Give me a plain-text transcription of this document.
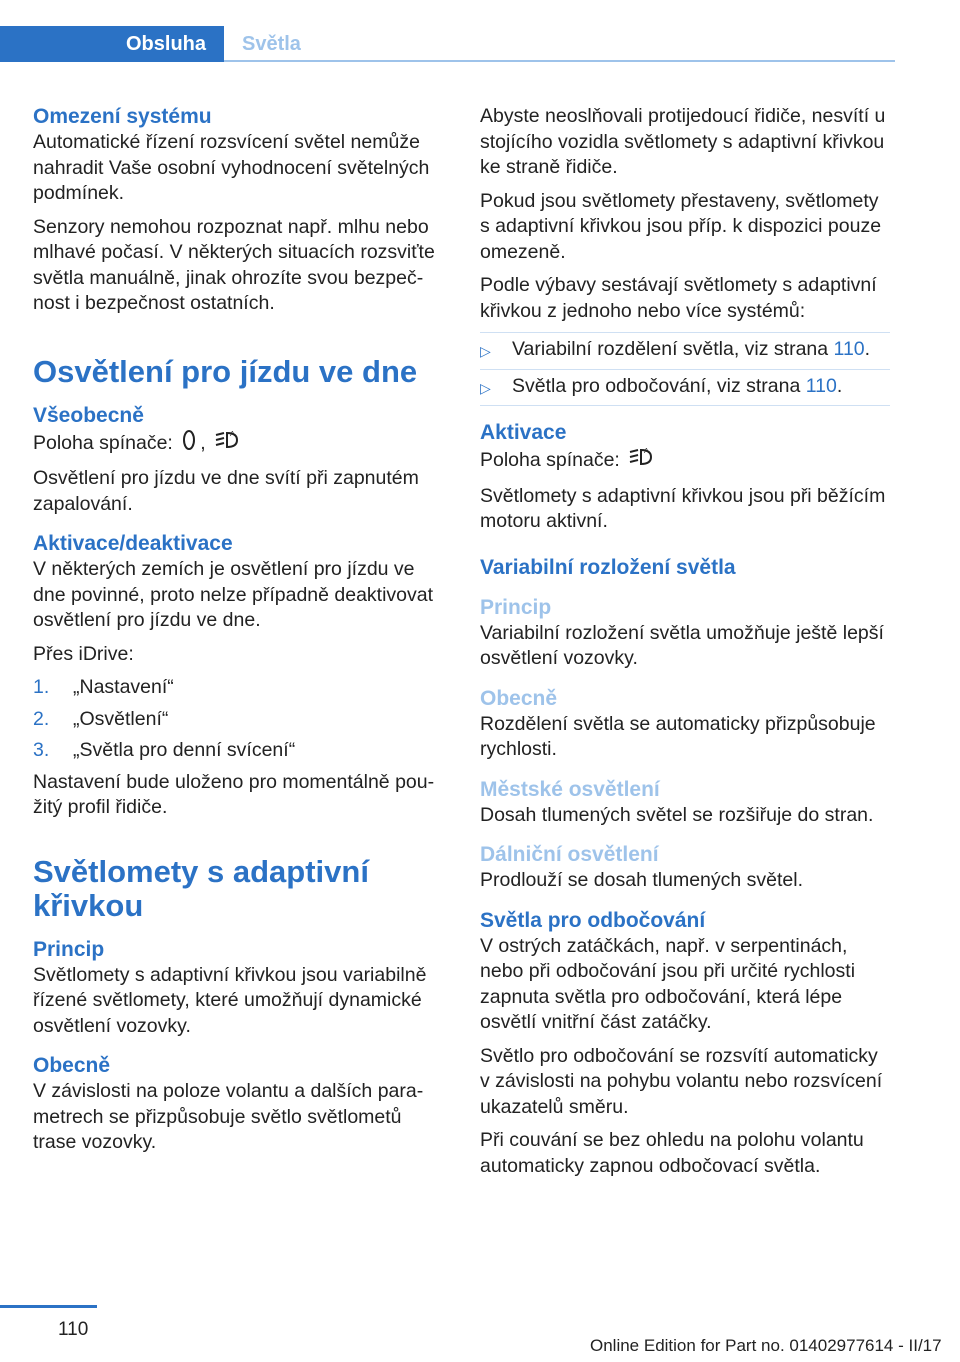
Obsluha	Světla
Omezení systému

Automatické řízení rozsvícení světel nemůže nahradit Vaše osobní vyhodnocení světelných podmínek.

Senzory nemohou rozpoznat např. mlhu nebo mlhavé počasí. V některých situacích rozsviťte světla manuálně, jinak ohrozíte svou bezpeč-nost i bezpečnost ostatních.

Osvětlení pro jízdu ve dne
Všeobecně

Poloha spínače: ,	A

Osvětlení pro jízdu ve dne svítí při zapnutém zapalování.

Aktivace/deaktivace

V některých zemích je osvětlení pro jízdu ve dne povinné, proto nelze případně deaktivovat osvětlení pro jízdu ve dne.

Přes iDrive:

1.	„Nastavení“
2.	„Osvětlení“
3.	„Světla pro denní svícení“

Nastavení bude uloženo pro momentálně pou-žitý profil řidiče.

Světlomety s adaptivní křivkou
Princip

Světlomety s adaptivní křivkou jsou variabilně řízené světlomety, které umožňují dynamické osvětlení vozovky.

Obecně

V závislosti na poloze volantu a dalších para-metrech se přizpůsobuje světlo světlometů trase vozovky.

Abyste neoslňovali protijedoucí řidiče, nesvítí u stojícího vozidla světlomety s adaptivní křivkou ke straně řidiče.

Pokud jsou světlomety přestaveny, světlomety s adaptivní křivkou jsou příp. k dispozici pouze omezeně.

Podle výbavy sestávají světlomety s adaptivní křivkou z jednoho nebo více systémů:

▷	Variabilní rozdělení světla, viz strana 110.
▷	Světla pro odbočování, viz strana 110.
Aktivace

Poloha spínače:	A

Světlomety s adaptivní křivkou jsou při běžícím motoru aktivní.

Variabilní rozložení světla
Princip

Variabilní rozložení světla umožňuje ještě lepší osvětlení vozovky.

Obecně

Rozdělení světla se automaticky přizpůsobuje rychlosti.

Městské osvětlení

Dosah tlumených světel se rozšiřuje do stran.

Dálniční osvětlení

Prodlouží se dosah tlumených světel.

Světla pro odbočování

V ostrých zatáčkách, např. v serpentinách, nebo při odbočování jsou při určité rychlosti zapnuta světla pro odbočování, která lépe osvětlí vnitřní část zatáčky.

Světlo pro odbočování se rozsvítí automaticky v závislosti na pohybu volantu nebo rozsvícení ukazatelů směru.

Při couvání se bez ohledu na polohu volantu automaticky zapnou odbočovací světla.

110
Online Edition for Part no. 01402977614 - II/17
